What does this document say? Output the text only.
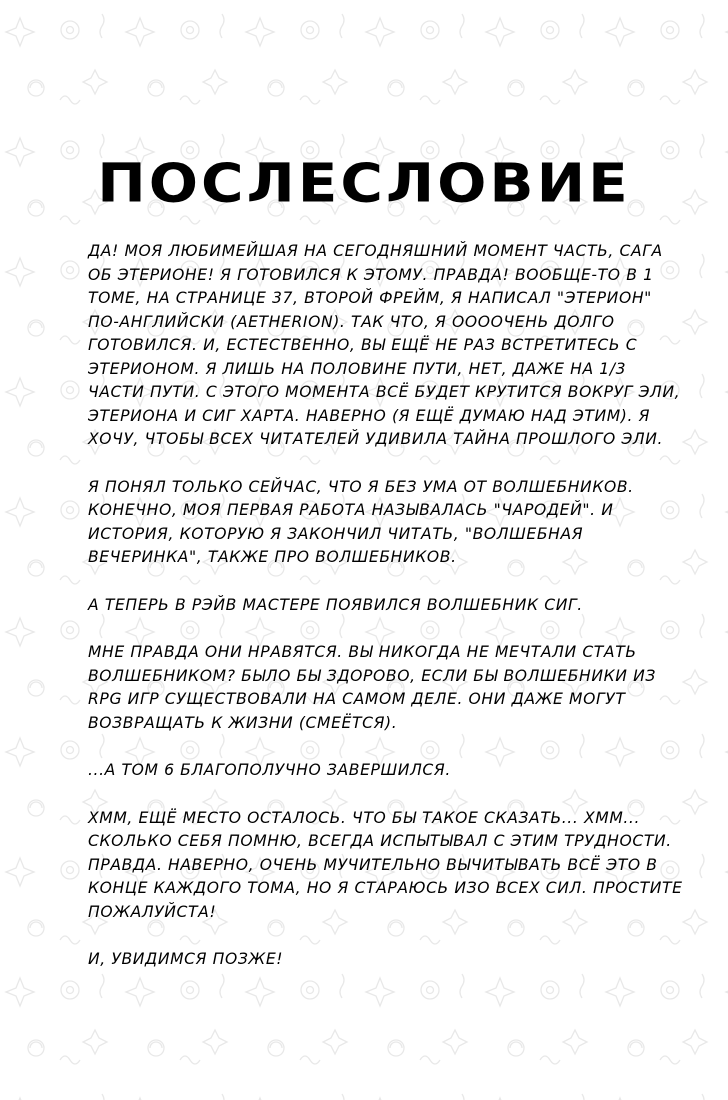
ПОСЛЕСЛОВИЕ

ДА! МОЯ ЛЮБИМЕЙШАЯ НА СЕГОДНЯШНИЙ МОМЕНТ ЧАСТЬ, САГА ОБ ЭТЕРИОНЕ! Я ГОТОВИЛСЯ К ЭТОМУ. ПРАВДА! ВООБЩЕ-ТО В 1 ТОМЕ, НА СТРАНИЦЕ 37, ВТОРОЙ ФРЕЙМ, Я НАПИСАЛ "ЭТЕРИОН" ПО-АНГЛИЙСКИ (AETHERION). ТАК ЧТО, Я ООООЧЕНЬ ДОЛГО ГОТОВИЛСЯ. И, ЕСТЕСТВЕННО, ВЫ ЕЩЁ НЕ РАЗ ВСТРЕТИТЕСЬ С ЭТЕРИОНОМ. Я ЛИШЬ НА ПОЛОВИНЕ ПУТИ, НЕТ, ДАЖЕ НА 1/3 ЧАСТИ ПУТИ. С ЭТОГО МОМЕНТА ВСЁ БУДЕТ КРУТИТСЯ ВОКРУГ ЭЛИ, ЭТЕРИОНА И СИГ ХАРТА. НАВЕРНО (Я ЕЩЁ ДУМАЮ НАД ЭТИМ). Я ХОЧУ, ЧТОБЫ ВСЕХ ЧИТАТЕЛЕЙ УДИВИЛА ТАЙНА ПРОШЛОГО ЭЛИ.

Я ПОНЯЛ ТОЛЬКО СЕЙЧАС, ЧТО Я БЕЗ УМА ОТ ВОЛШЕБНИКОВ. КОНЕЧНО, МОЯ ПЕРВАЯ РАБОТА НАЗЫВАЛАСЬ "ЧАРОДЕЙ". И ИСТОРИЯ, КОТОРУЮ Я ЗАКОНЧИЛ ЧИТАТЬ, "ВОЛШЕБНАЯ ВЕЧЕРИНКА", ТАКЖЕ ПРО ВОЛШЕБНИКОВ.

А ТЕПЕРЬ В РЭЙВ МАСТЕРЕ ПОЯВИЛСЯ ВОЛШЕБНИК СИГ.

МНЕ ПРАВДА ОНИ НРАВЯТСЯ. ВЫ НИКОГДА НЕ МЕЧТАЛИ СТАТЬ ВОЛШЕБНИКОМ? БЫЛО БЫ ЗДОРОВО, ЕСЛИ БЫ ВОЛШЕБНИКИ ИЗ RPG ИГР СУЩЕСТВОВАЛИ НА САМОМ ДЕЛЕ. ОНИ ДАЖЕ МОГУТ ВОЗВРАЩАТЬ К ЖИЗНИ (СМЕЁТСЯ).

...А ТОМ 6 БЛАГОПОЛУЧНО ЗАВЕРШИЛСЯ.

ХММ, ЕЩЁ МЕСТО ОСТАЛОСЬ. ЧТО БЫ ТАКОЕ СКАЗАТЬ... ХММ... СКОЛЬКО СЕБЯ ПОМНЮ, ВСЕГДА ИСПЫТЫВАЛ С ЭТИМ ТРУДНОСТИ. ПРАВДА. НАВЕРНО, ОЧЕНЬ МУЧИТЕЛЬНО ВЫЧИТЫВАТЬ ВСЁ ЭТО В КОНЦЕ КАЖДОГО ТОМА, НО Я СТАРАЮСЬ ИЗО ВСЕХ СИЛ. ПРОСТИТЕ ПОЖАЛУЙСТА!

И, УВИДИМСЯ ПОЗЖЕ!
